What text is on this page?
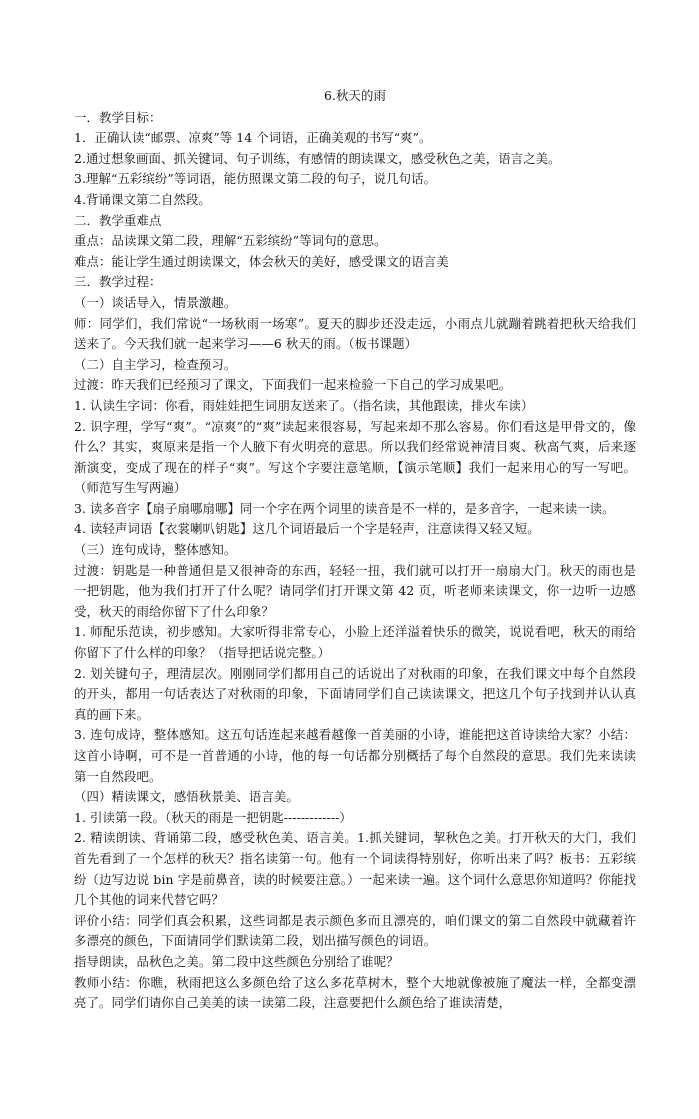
6.秋天的雨
一．教学目标：
1．正确认读“邮票、凉爽”等 14 个词语，正确美观的书写“爽”。
2.通过想象画面、抓关键词、句子训练，有感情的朗读课文，感受秋色之美，语言之美。
3.理解“五彩缤纷”等词语，能仿照课文第二段的句子，说几句话。
4.背诵课文第二自然段。
二．教学重难点
重点：品读课文第二段，理解“五彩缤纷”等词句的意思。
难点：能让学生通过朗读课文，体会秋天的美好，感受课文的语言美
三．教学过程：
（一）谈话导入，情景激趣。
师：同学们，我们常说“一场秋雨一场寒”。夏天的脚步还没走远，小雨点儿就蹦着跳着把秋天给我们送来了。今天我们就一起来学习——6 秋天的雨。（板书课题）
（二）自主学习，检查预习。
过渡：昨天我们已经预习了课文，下面我们一起来检验一下自己的学习成果吧。
1. 认读生字词：你看，雨娃娃把生词朋友送来了。（指名读，其他跟读，排火车读）
2. 识字理，学写“爽”。“凉爽”的“爽”读起来很容易，写起来却不那么容易。你们看这是甲骨文的，像什么？其实，爽原来是指一个人腋下有火明亮的意思。所以我们经常说神清目爽、秋高气爽，后来逐渐演变，变成了现在的样子“爽”。写这个字要注意笔顺，【演示笔顺】我们一起来用心的写一写吧。（师范写生写两遍）
3. 读多音字【扇子扇哪扇哪】同一个字在两个词里的读音是不一样的，是多音字，一起来读一读。
4. 读轻声词语【衣裳喇叭钥匙】这几个词语最后一个字是轻声，注意读得又轻又短。
（三）连句成诗，整体感知。
过渡：钥匙是一种普通但是又很神奇的东西，轻轻一扭，我们就可以打开一扇扇大门。秋天的雨也是一把钥匙，他为我们打开了什么呢？请同学们打开课文第 42 页，听老师来读课文，你一边听一边感受，秋天的雨给你留下了什么印象？
1. 师配乐范读，初步感知。大家听得非常专心，小脸上还洋溢着快乐的微笑，说说看吧，秋天的雨给你留下了什么样的印象？（指导把话说完整。）
2. 划关键句子，理清层次。刚刚同学们都用自己的话说出了对秋雨的印象，在我们课文中每个自然段的开头，都用一句话表达了对秋雨的印象，下面请同学们自己读读课文，把这几个句子找到并认认真真的画下来。
3. 连句成诗，整体感知。这五句话连起来越看越像一首美丽的小诗，谁能把这首诗读给大家？小结：这首小诗啊，可不是一首普通的小诗，他的每一句话都分别概括了每个自然段的意思。我们先来读读第一自然段吧。
（四）精读课文，感悟秋景美、语言美。
1. 引读第一段。（秋天的雨是一把钥匙-------------）
2. 精读朗读、背诵第二段，感受秋色美、语言美。1.抓关键词，挈秋色之美。打开秋天的大门，我们首先看到了一个怎样的秋天？指名读第一句。他有一个词读得特别好，你听出来了吗？板书：五彩缤纷（边写边说 bin 字是前鼻音，读的时候要注意。）一起来读一遍。这个词什么意思你知道吗？你能找几个其他的词来代替它吗？
评价小结：同学们真会积累，这些词都是表示颜色多而且漂亮的，咱们课文的第二自然段中就藏着许多漂亮的颜色，下面请同学们默读第二段，划出描写颜色的词语。
指导朗读，品秋色之美。第二段中这些颜色分别给了谁呢？
教师小结：你瞧，秋雨把这么多颜色给了这么多花草树木，整个大地就像被施了魔法一样，全都变漂亮了。同学们请你自己美美的读一读第二段，注意要把什么颜色给了谁读清楚，
